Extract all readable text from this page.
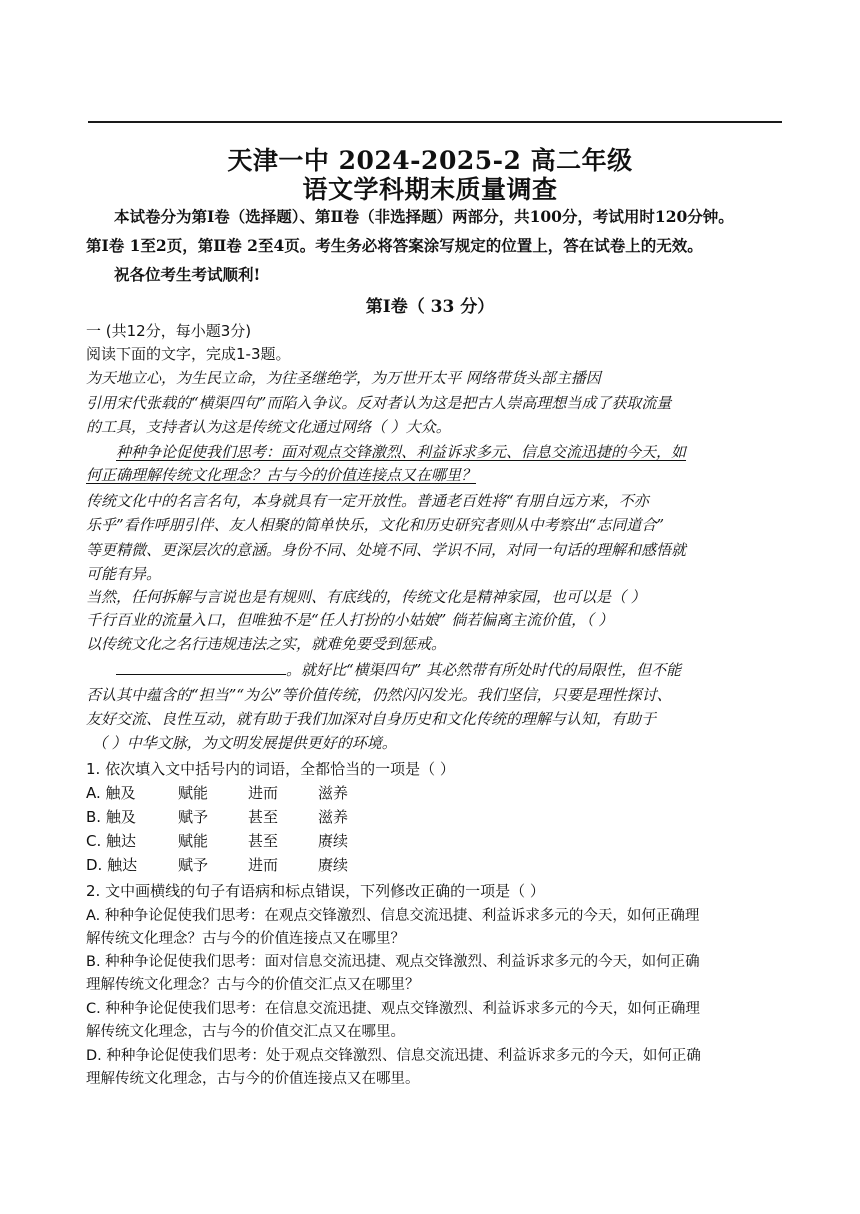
天津一中 2024-2025-2 高二年级
语文学科期末质量调查
本试卷分为第Ⅰ卷（选择题）、第Ⅱ卷（非选择题）两部分，共100分，考试用时120分钟。
第Ⅰ卷 1至2页，第Ⅱ卷 2至4页。考生务必将答案涂写规定的位置上，答在试卷上的无效。
祝各位考生考试顺利!
第Ⅰ卷（ 33 分）
一 (共12分，每小题3分)
阅读下面的文字，完成1-3题。
为天地立心，为生民立命，为往圣继绝学，为万世开太平 网络带货头部主播因
引用宋代张载的“横渠四句”而陷入争议。反对者认为这是把古人崇高理想当成了获取流量
的工具，支持者认为这是传统文化通过网络（ ）大众。
种种争论促使我们思考：面对观点交锋激烈、利益诉求多元、信息交流迅捷的今天，如
何正确理解传统文化理念？古与今的价值连接点又在哪里？
传统文化中的名言名句，本身就具有一定开放性。普通老百姓将“有朋自远方来，不亦
乐乎”看作呼朋引伴、友人相聚的简单快乐，文化和历史研究者则从中考察出“志同道合”
等更精微、更深层次的意涵。身份不同、处境不同、学识不同，对同一句话的理解和感悟就
可能有异。
当然，任何拆解与言说也是有规则、有底线的，传统文化是精神家园，也可以是（ ）
千行百业的流量入口，但唯独不是“任人打扮的小姑娘” 倘若偏离主流价值，（ ）
以传统文化之名行违规违法之实，就难免要受到惩戒。
。就好比“横渠四句” 其必然带有所处时代的局限性，但不能
否认其中蕴含的“担当”“为公”等价值传统，仍然闪闪发光。我们坚信，只要是理性探讨、
友好交流、良性互动，就有助于我们加深对自身历史和文化传统的理解与认知，有助于
（ ）中华文脉，为文明发展提供更好的环境。
1. 依次填入文中括号内的词语，全都恰当的一项是（ ）
A. 触及	赋能	进而	滋养
B. 触及	赋予	甚至	滋养
C. 触达	赋能	甚至	赓续
D. 触达	赋予	进而	赓续
2. 文中画横线的句子有语病和标点错误，下列修改正确的一项是（ ）
A. 种种争论促使我们思考：在观点交锋激烈、信息交流迅捷、利益诉求多元的今天，如何正确理
解传统文化理念？古与今的价值连接点又在哪里？
B. 种种争论促使我们思考：面对信息交流迅捷、观点交锋激烈、利益诉求多元的今天，如何正确
理解传统文化理念？古与今的价值交汇点又在哪里？
C. 种种争论促使我们思考：在信息交流迅捷、观点交锋激烈、利益诉求多元的今天，如何正确理
解传统文化理念，古与今的价值交汇点又在哪里。
D. 种种争论促使我们思考：处于观点交锋激烈、信息交流迅捷、利益诉求多元的今天，如何正确
理解传统文化理念，古与今的价值连接点又在哪里。
